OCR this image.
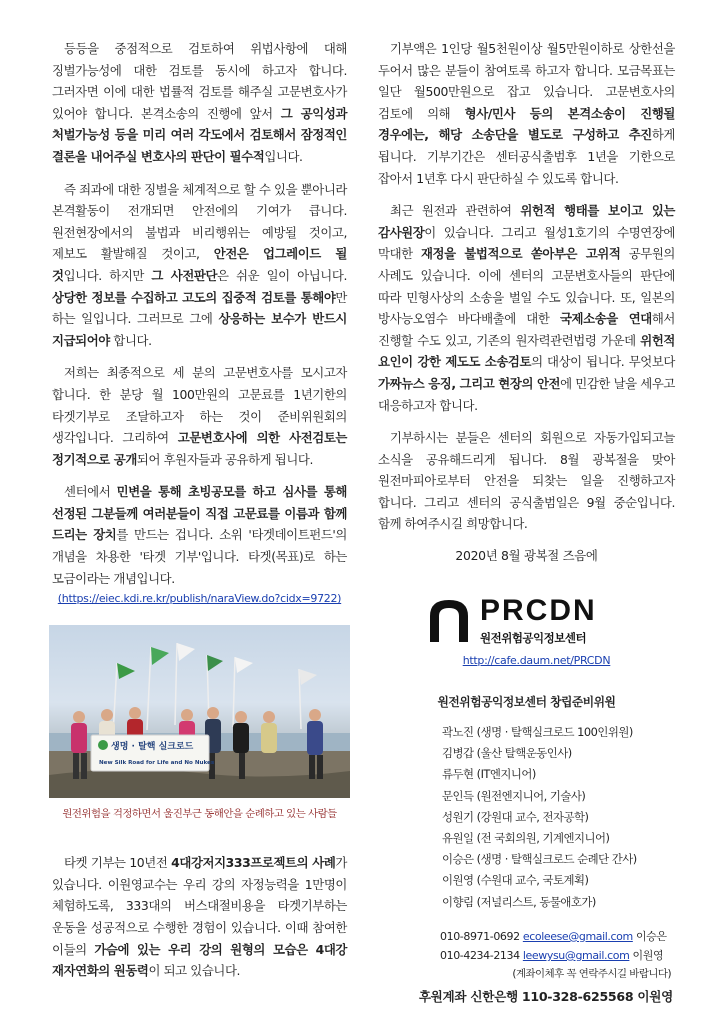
등등을 중점적으로 검토하여 위법사항에 대해 징벌가능성에 대한 검토를 동시에 하고자 합니다. 그러자면 이에 대한 법률적 검토를 해주실 고문변호사가 있어야 합니다. 본격소송의 진행에 앞서 그 공익성과 처벌가능성 등을 미리 여러 각도에서 검토해서 잠정적인 결론을 내어주실 변호사의 판단이 필수적입니다.

즉 죄과에 대한 징벌을 체계적으로 할 수 있을 뿐아니라 본격활동이 전개되면 안전에의 기여가 큽니다. 원전현장에서의 불법과 비리행위는 예방될 것이고, 제보도 활발해질 것이고, 안전은 업그레이드 될 것입니다. 하지만 그 사전판단은 쉬운 일이 아닙니다. 상당한 정보를 수집하고 고도의 집중적 검토를 통해야만 하는 일입니다. 그러므로 그에 상응하는 보수가 반드시 지급되어야 합니다.

저희는 최종적으로 세 분의 고문변호사를 모시고자 합니다. 한 분당 월 100만원의 고문료를 1년기한의 타겟기부로 조달하고자 하는 것이 준비위원회의 생각입니다. 그리하여 고문변호사에 의한 사전검토는 정기적으로 공개되어 후원자들과 공유하게 됩니다.

센터에서 민변을 통해 초빙공모를 하고 심사를 통해 선정된 그분들께 여러분들이 직접 고문료를 이름과 함께 드리는 장치를 만드는 겁니다. 소위 '타겟데이트펀드'의 개념을 차용한 '타겟 기부'입니다. 타겟(목표)로 하는 모금이라는 개념입니다.

(https://eiec.kdi.re.kr/publish/naraView.do?cidx=9722)
생명 · 탈핵 실크로드
New Silk Road for Life and No Nukes
원전위험을 걱정하면서 울진부근 동해안을 순례하고 있는 사람들

타켓 기부는 10년전 4대강저지333프로젝트의 사례가 있습니다. 이원영교수는 우리 강의 자정능력을 1만명이 체험하도록, 333대의 버스대절비용을 타겟기부하는 운동을 성공적으로 수행한 경험이 있습니다. 이때 참여한 이들의 가슴에 있는 우리 강의 원형의 모습은 4대강 재자연화의 원동력이 되고 있습니다.

기부액은 1인당 월5천원이상 월5만원이하로 상한선을 두어서 많은 분들이 참여토록 하고자 합니다. 모금목표는 일단 월500만원으로 잡고 있습니다. 고문변호사의 검토에 의해 형사/민사 등의 본격소송이 진행될 경우에는, 해당 소송단을 별도로 구성하고 추진하게 됩니다. 기부기간은 센터공식출범후 1년을 기한으로 잡아서 1년후 다시 판단하실 수 있도록 합니다.

최근 원전과 관련하여 위헌적 행태를 보이고 있는 감사원장이 있습니다. 그리고 월성1호기의 수명연장에 막대한 재정을 불법적으로 쏟아부은 고위적 공무원의 사례도 있습니다. 이에 센터의 고문변호사들의 판단에 따라 민형사상의 소송을 벌일 수도 있습니다. 또, 일본의 방사능오염수 바다배출에 대한 국제소송을 연대해서 진행할 수도 있고, 기존의 원자력관련법령 가운데 위헌적 요인이 강한 제도도 소송검토의 대상이 됩니다. 무엇보다 가짜뉴스 응징, 그리고 현장의 안전에 민감한 날을 세우고 대응하고자 합니다.

기부하시는 분들은 센터의 회원으로 자동가입되고늘 소식을 공유해드리게 됩니다. 8월 광복절을 맞아 원전마피아로부터 안전을 되찾는 일을 진행하고자 합니다. 그리고 센터의 공식출범일은 9월 중순입니다. 함께 하여주시길 희망합니다.

2020년 8월 광복절 즈음에
PRCDN
원전위험공익정보센터
http://cafe.daum.net/PRCDN
원전위험공익정보센터 창립준비위원
곽노진 (생명 · 탈핵실크로드 100인위원)
김병갑 (울산 탈핵운동인사)
류두현 (IT엔지니어)
문인득 (원전엔지니어, 기술사)
성원기 (강원대 교수, 전자공학)
유원일 (전 국회의원, 기계엔지니어)
이승은 (생명 · 탈핵실크로드 순례단 간사)
이원영 (수원대 교수, 국토계획)
이향림 (저널리스트, 동물애호가)
010-8971-0692 ecoleese@gmail.com 이승은
010-4234-2134 leewysu@gmail.com 이원영
(계좌이체후 꼭 연락주시길 바랍니다)
후원계좌 신한은행 110-328-625568 이원영
